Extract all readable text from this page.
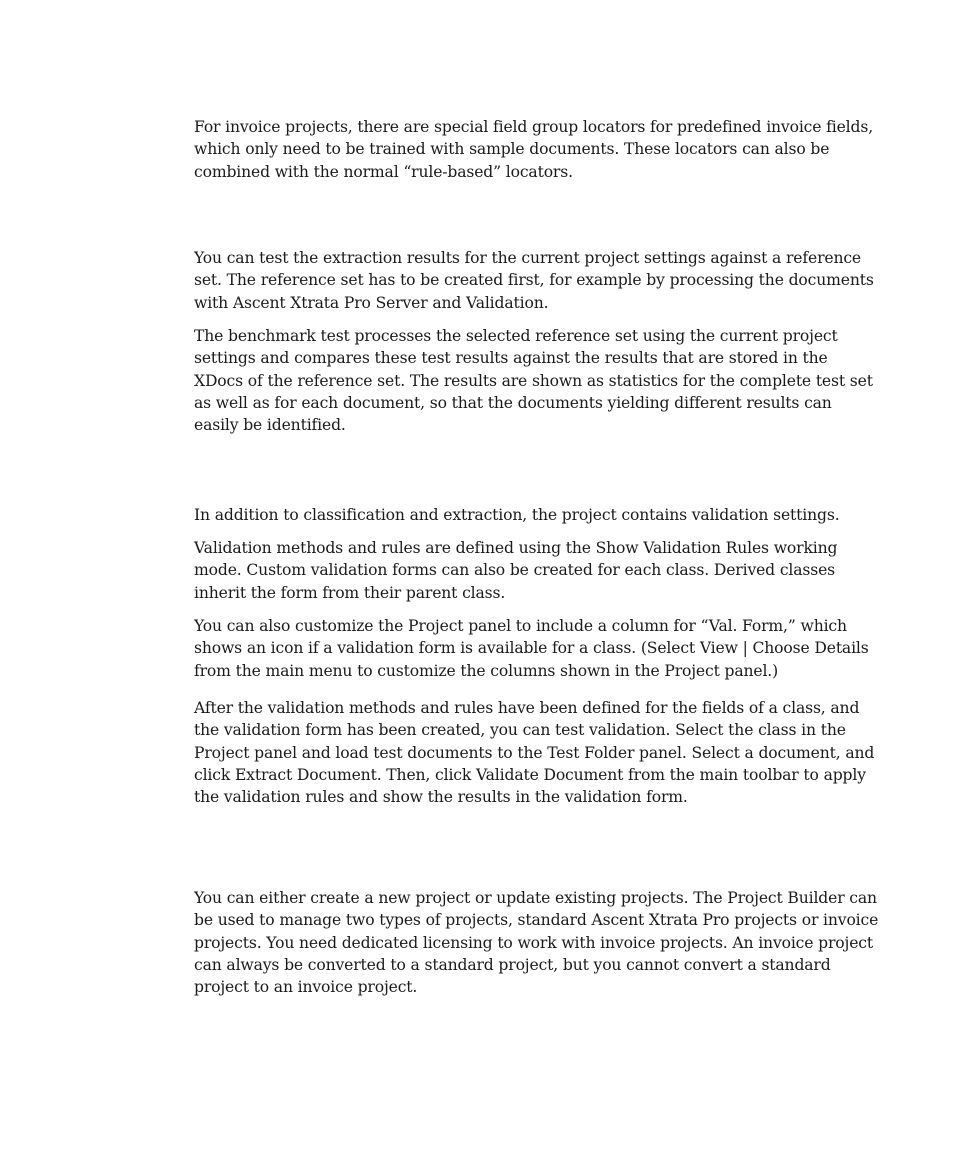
For invoice projects, there are special field group locators for predefined invoice fields, which only need to be trained with sample documents. These locators can also be combined with the normal “rule-based” locators.

You can test the extraction results for the current project settings against a reference set. The reference set has to be created first, for example by processing the documents with Ascent Xtrata Pro Server and Validation.

The benchmark test processes the selected reference set using the current project settings and compares these test results against the results that are stored in the XDocs of the reference set. The results are shown as statistics for the complete test set as well as for each document, so that the documents yielding different results can easily be identified.

In addition to classification and extraction, the project contains validation settings.

Validation methods and rules are defined using the Show Validation Rules working mode. Custom validation forms can also be created for each class. Derived classes inherit the form from their parent class.

You can also customize the Project panel to include a column for “Val. Form,” which shows an icon if a validation form is available for a class. (Select View | Choose Details from the main menu to customize the columns shown in the Project panel.)

After the validation methods and rules have been defined for the fields of a class, and the validation form has been created, you can test validation. Select the class in the Project panel and load test documents to the Test Folder panel. Select a document, and click Extract Document. Then, click Validate Document from the main toolbar to apply the validation rules and show the results in the validation form.

You can either create a new project or update existing projects. The Project Builder can be used to manage two types of projects, standard Ascent Xtrata Pro projects or invoice projects. You need dedicated licensing to work with invoice projects. An invoice project can always be converted to a standard project, but you cannot convert a standard project to an invoice project.
